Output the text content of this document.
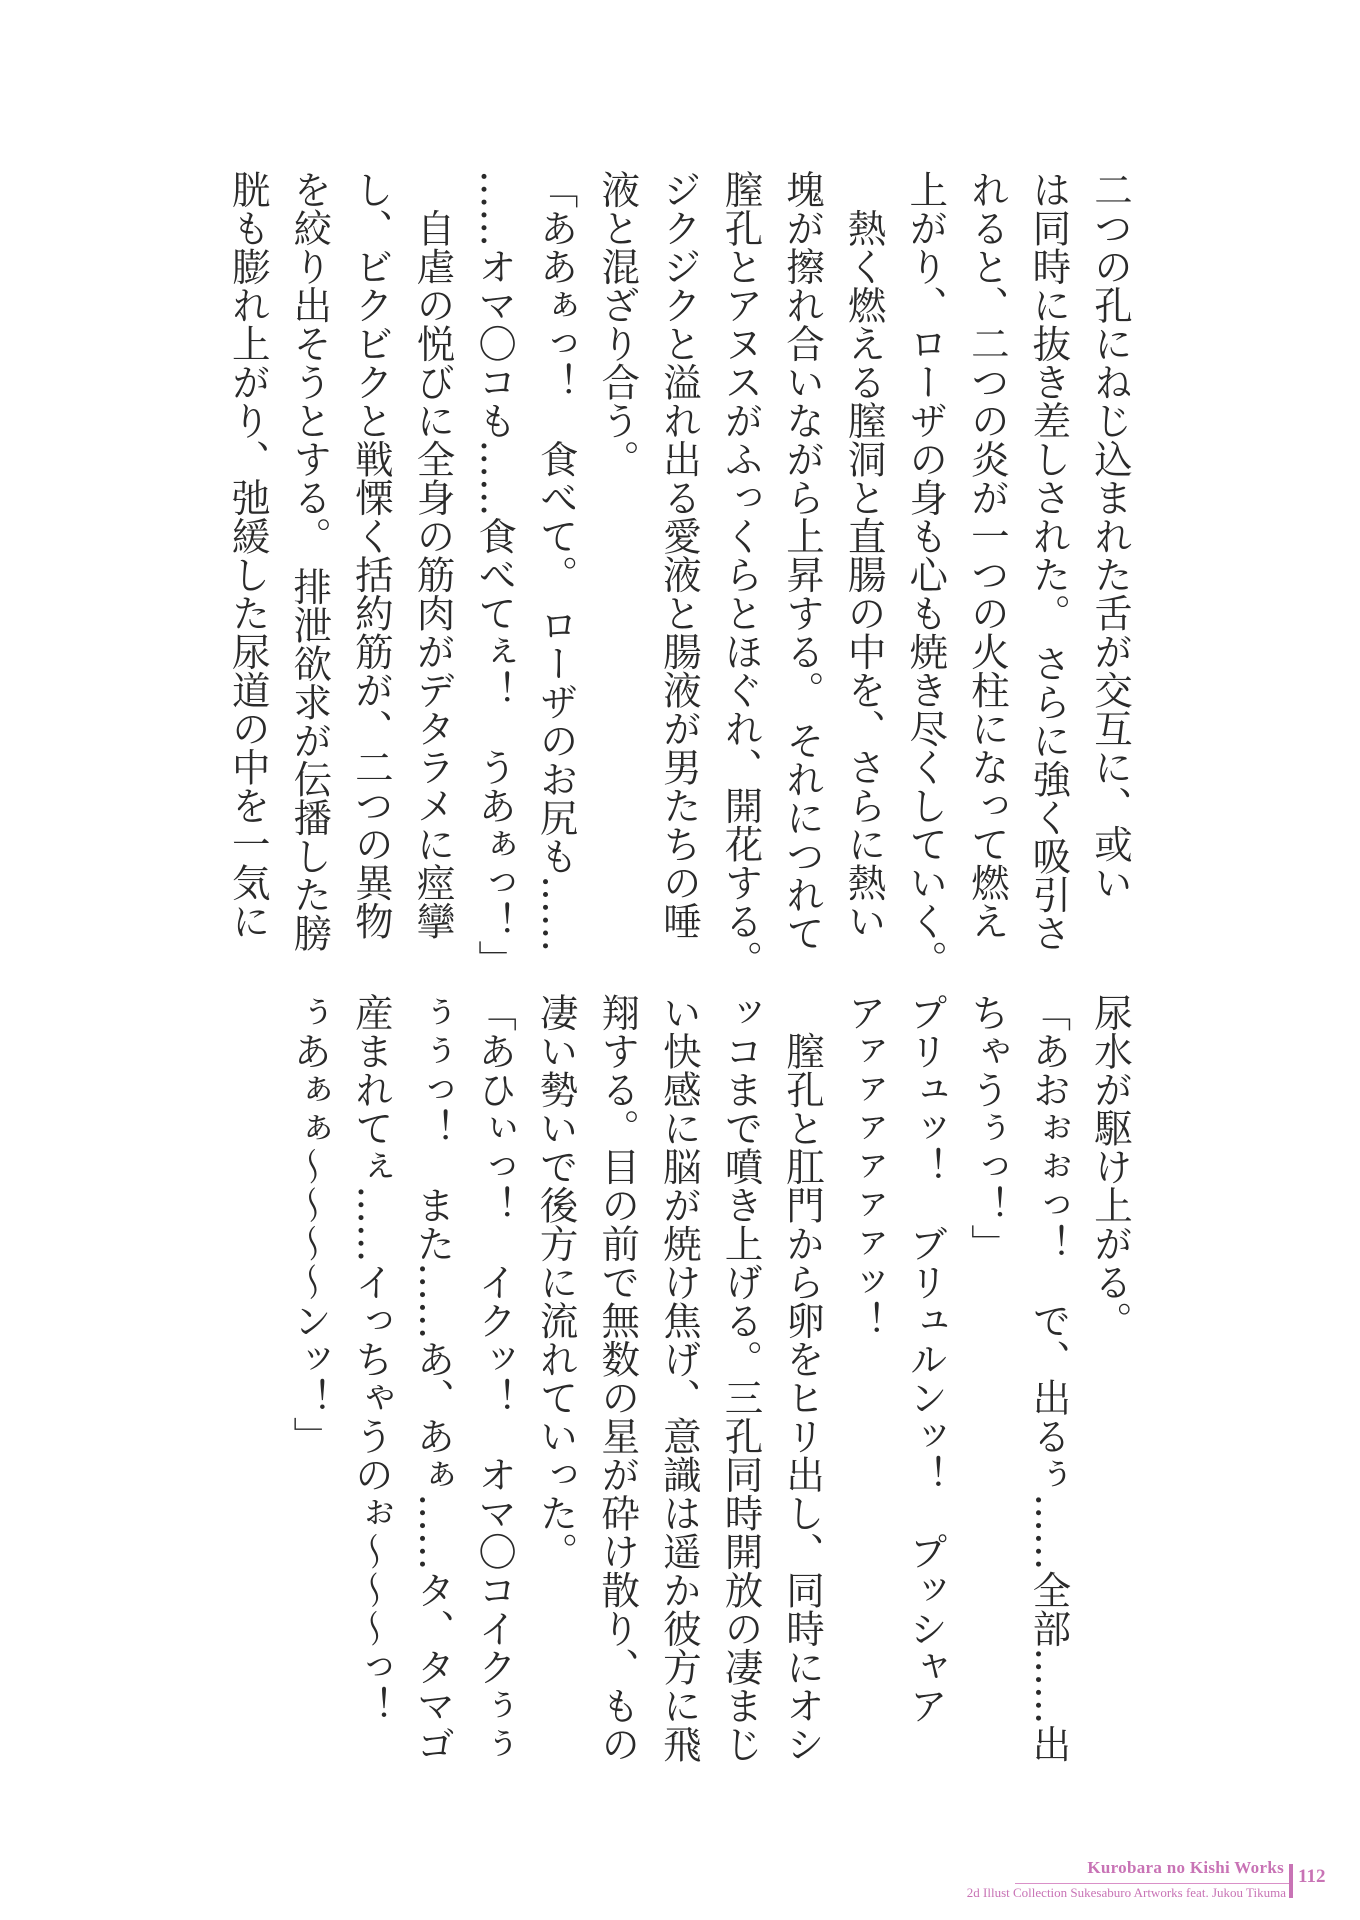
二つの孔にねじ込まれた舌が交互に、或い
は同時に抜き差しされた。 さらに強く吸引さ
れると、二つの炎が一つの火柱になって燃え
上がり、ローザの身も心も焼き尽くしていく。
　熱く燃える膣洞と直腸の中を、さらに熱い
塊が擦れ合いながら上昇する。 それにつれて
膣孔とアヌスがふっくらとほぐれ、開花する。
ジクジクと溢れ出る愛液と腸液が男たちの唾
液と混ざり合う。
「ああぁっ！　食べて。 ローザのお尻も……
……オマ〇コも……食べてぇ！　うあぁっ！」
　自虐の悦びに全身の筋肉がデタラメに痙攣
し、ビクビクと戦慄く括約筋が、二つの異物
を絞り出そうとする。 排泄欲求が伝播した膀
胱も膨れ上がり、弛緩した尿道の中を一気に
尿水が駆け上がる。
「あおぉぉっ！　で、出るぅ……全部……出
ちゃうぅっ！」
プリュッ！　ブリュルンッ！　プッシャア
アァァァァァァッ！
　膣孔と肛門から卵をヒリ出し、同時にオシ
ッコまで噴き上げる。三孔同時開放の凄まじ
い快感に脳が焼け焦げ、意識は遥か彼方に飛
翔する。目の前で無数の星が砕け散り、もの
凄い勢いで後方に流れていった。
「あひぃっ！　イクッ！　オマ〇コイクぅぅ
ぅぅっ！　また……あ、あぁ……タ、タマゴ
産まれてぇ……イっちゃうのぉ〜〜〜っ！
ぅあぁぁ〜〜〜〜ンッ！」
Kurobara no Kishi Works
2d Illust Collection Sukesaburo Artworks feat. Jukou Tikuma
112
